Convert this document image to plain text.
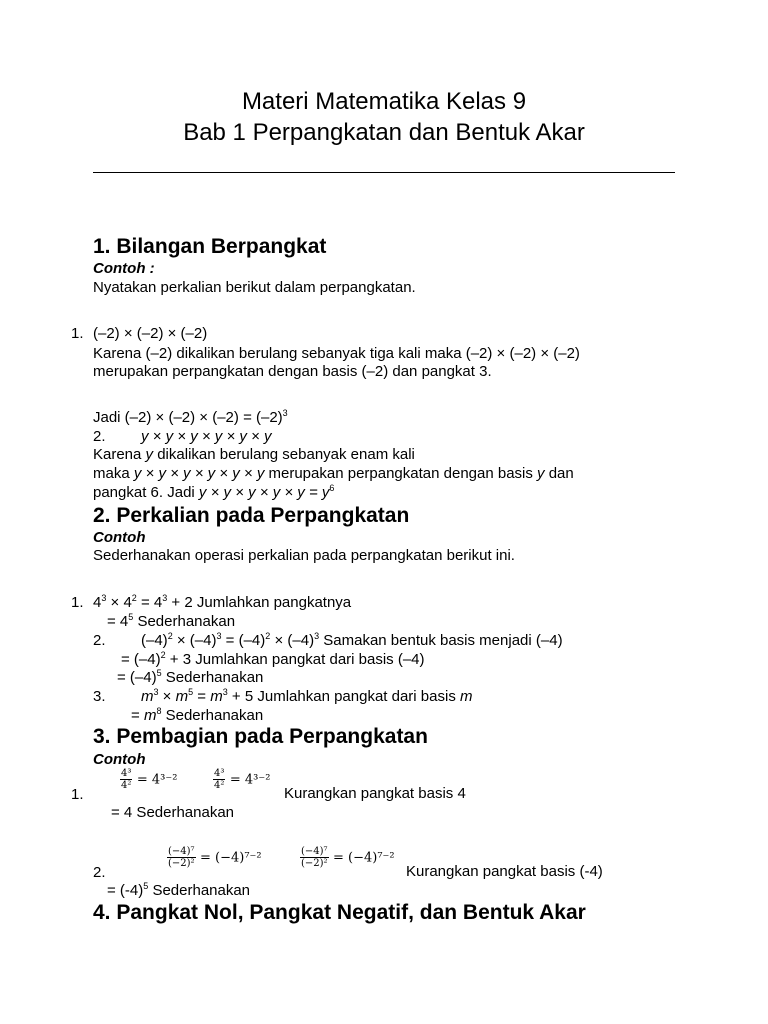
Materi Matematika Kelas 9
Bab 1 Perpangkatan dan Bentuk Akar
1. Bilangan Berpangkat
Contoh :
Nyatakan perkalian berikut dalam perpangkatan.
1. (–2) × (–2) × (–2)
Karena (–2) dikalikan berulang sebanyak tiga kali maka (–2) × (–2) × (–2)
merupakan perpangkatan dengan basis (–2) dan pangkat 3.
Jadi $(-2) \times (-2) \times (-2) = (-2)^3$
2. y × y × y × y × y × y
Karena y dikalikan berulang sebanyak enam kali
maka y × y × y × y × y × y merupakan perpangkatan dengan basis y dan
pangkat 6. Jadi $y \times y \times y \times y \times y = y^6$
2. Perkalian pada Perpangkatan
Contoh
Sederhanakan operasi perkalian pada perpangkatan berikut ini.
1. $4^3 \times 4^2 = 4^3 + 2$ Jumlahkan pangkatnya
= $4^5$ Sederhanakan
2. $(-4)^2 \times (-4)^3 = (-4)^2 \times (-4)^3$ Samakan bentuk basis menjadi (–4)
= $(-4)^2 + 3$ Jumlahkan pangkat dari basis (–4)
= $(-4)^5$ Sederhanakan
3. $m^3 \times m^5 = m^3 + 5$ Jumlahkan pangkat dari basis m
= $m^8$ Sederhanakan
3. Pembagian pada Perpangkatan
Contoh
1.
$\frac{\text{4³}}{\text{4²}} = 4^{3-2}$	$\frac{\text{4³}}{\text{4²}} = 4^{3-2}$
Kurangkan pangkat basis 4
= 4 Sederhanakan
2.
$\frac{\text{(−4)⁷}}{\text{(−2)²}} = (-4)^{7-2}$	$\frac{\text{(−4)⁷}}{\text{(−2)²}} = (-4)^{7-2}$
Kurangkan pangkat basis (-4)
= $(-4)^5$ Sederhanakan
4. Pangkat Nol, Pangkat Negatif, dan Bentuk Akar
